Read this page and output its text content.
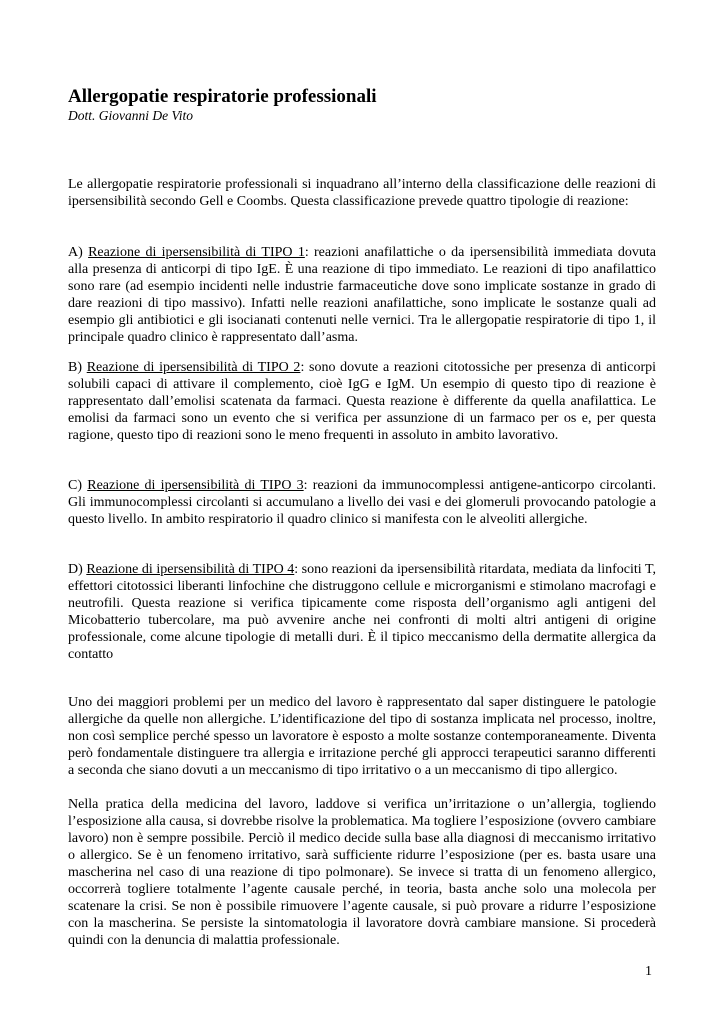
Allergopatie respiratorie professionali

Dott. Giovanni De Vito

Le allergopatie respiratorie professionali si inquadrano all’interno della classificazione delle reazioni di ipersensibilità secondo Gell e Coombs. Questa classificazione prevede quattro tipologie di reazione:

A) Reazione di ipersensibilità di TIPO 1: reazioni anafilattiche o da ipersensibilità immediata dovuta alla presenza di anticorpi di tipo IgE. È una reazione di tipo immediato. Le reazioni di tipo anafilattico sono rare (ad esempio incidenti nelle industrie farmaceutiche dove sono implicate sostanze in grado di dare reazioni di tipo massivo). Infatti nelle reazioni anafilattiche, sono implicate le sostanze quali ad esempio gli antibiotici e gli isocianati contenuti nelle vernici. Tra le allergopatie respiratorie di tipo 1, il principale quadro clinico è rappresentato dall’asma.

B) Reazione di ipersensibilità di TIPO 2: sono dovute a reazioni citotossiche per presenza di anticorpi solubili capaci di attivare il complemento, cioè IgG e IgM. Un esempio di questo tipo di reazione è rappresentato dall’emolisi scatenata da farmaci. Questa reazione è differente da quella anafilattica. Le emolisi da farmaci sono un evento che si verifica per assunzione di un farmaco per os e, per questa ragione, questo tipo di reazioni sono le meno frequenti in assoluto in ambito lavorativo.

C) Reazione di ipersensibilità di TIPO 3: reazioni da immunocomplessi antigene-anticorpo circolanti. Gli immunocomplessi circolanti si accumulano a livello dei vasi e dei glomeruli provocando patologie a questo livello. In ambito respiratorio il quadro clinico si manifesta con le alveoliti allergiche.

D) Reazione di ipersensibilità di TIPO 4: sono reazioni da ipersensibilità ritardata, mediata da linfociti T, effettori citotossici liberanti linfochine che distruggono cellule e microrganismi e stimolano macrofagi e neutrofili. Questa reazione si verifica tipicamente come risposta dell’organismo agli antigeni del Micobatterio tubercolare, ma può avvenire anche nei confronti di molti altri antigeni di origine professionale, come alcune tipologie di metalli duri. È il tipico meccanismo della dermatite allergica da contatto

Uno dei maggiori problemi per un medico del lavoro è rappresentato dal saper distinguere le patologie allergiche da quelle non allergiche. L’identificazione del tipo di sostanza implicata nel processo, inoltre, non così semplice perché spesso un lavoratore è esposto a molte sostanze contemporaneamente. Diventa però fondamentale distinguere tra allergia e irritazione perché gli approcci terapeutici saranno differenti a seconda che siano dovuti a un meccanismo di tipo irritativo o a un meccanismo di tipo allergico.

Nella pratica della medicina del lavoro, laddove si verifica un’irritazione o un’allergia, togliendo l’esposizione alla causa, si dovrebbe risolve la problematica. Ma togliere l’esposizione (ovvero cambiare lavoro) non è sempre possibile. Perciò il medico decide sulla base alla diagnosi di meccanismo irritativo o allergico. Se è un fenomeno irritativo, sarà sufficiente ridurre l’esposizione (per es. basta usare una mascherina nel caso di una reazione di tipo polmonare). Se invece si tratta di un fenomeno allergico, occorrerà togliere totalmente l’agente causale perché, in teoria, basta anche solo una molecola per scatenare la crisi. Se non è possibile rimuovere l’agente causale, si può provare a ridurre l’esposizione con la mascherina. Se persiste la sintomatologia il lavoratore dovrà cambiare mansione. Si procederà quindi con la denuncia di malattia professionale.

1
